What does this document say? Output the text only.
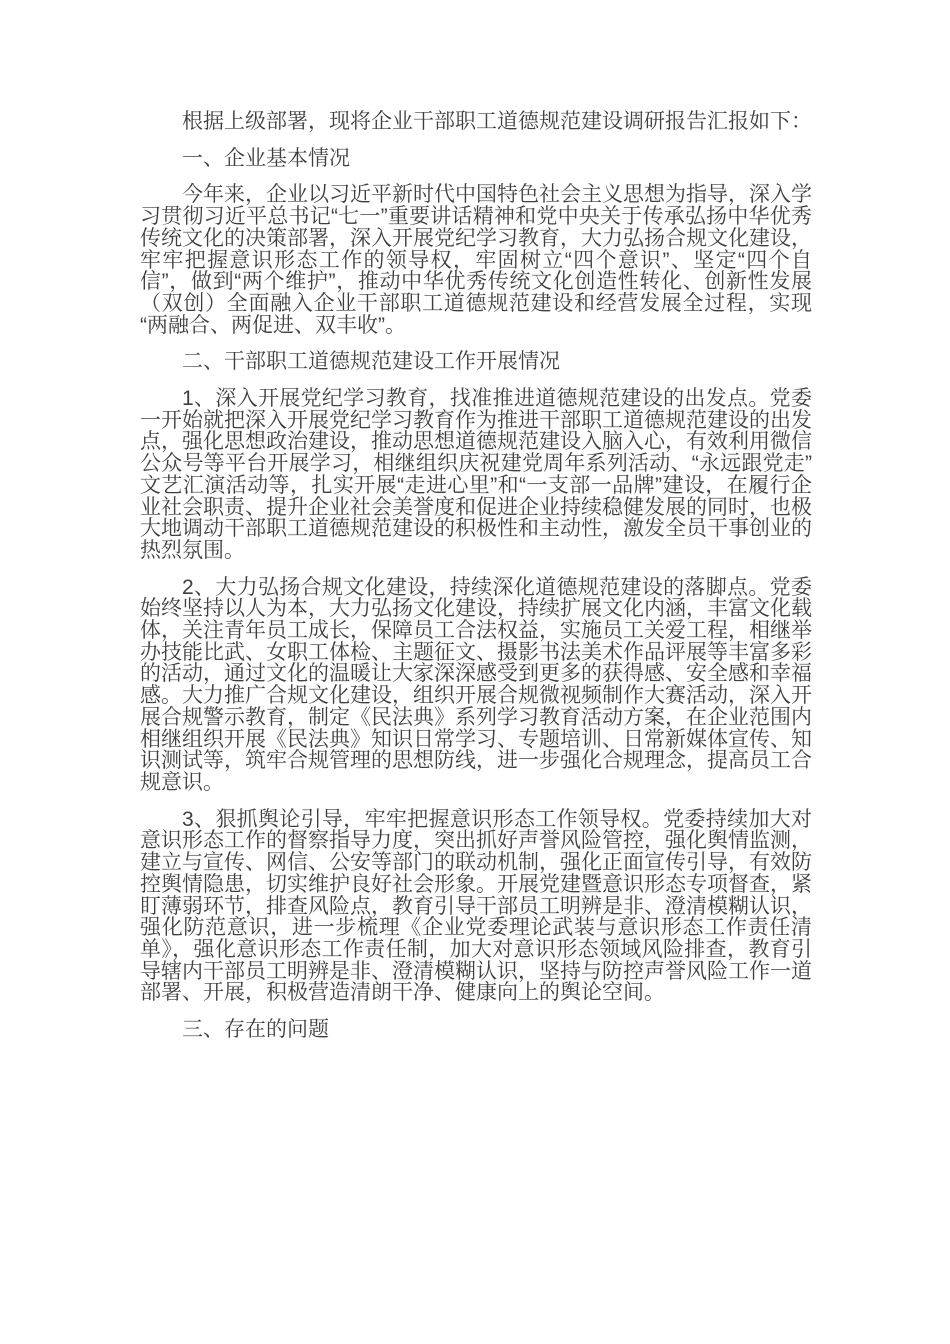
根据上级部署，现将企业干部职工道德规范建设调研报告汇报如下：

一、企业基本情况

今年来，企业以习近平新时代中国特色社会主义思想为指导，深入学习贯彻习近平总书记“七一”重要讲话精神和党中央关于传承弘扬中华优秀传统文化的决策部署，深入开展党纪学习教育，大力弘扬合规文化建设，牢牢把握意识形态工作的领导权，牢固树立“四个意识”、坚定“四个自信”，做到“两个维护”，推动中华优秀传统文化创造性转化、创新性发展（双创）全面融入企业干部职工道德规范建设和经营发展全过程，实现“两融合、两促进、双丰收”。

二、干部职工道德规范建设工作开展情况

1、深入开展党纪学习教育，找准推进道德规范建设的出发点。党委一开始就把深入开展党纪学习教育作为推进干部职工道德规范建设的出发点，强化思想政治建设，推动思想道德规范建设入脑入心，有效利用微信公众号等平台开展学习，相继组织庆祝建党周年系列活动、“永远跟党走”文艺汇演活动等，扎实开展“走进心里”和“一支部一品牌”建设，在履行企业社会职责、提升企业社会美誉度和促进企业持续稳健发展的同时，也极大地调动干部职工道德规范建设的积极性和主动性，激发全员干事创业的热烈氛围。

2、大力弘扬合规文化建设，持续深化道德规范建设的落脚点。党委始终坚持以人为本，大力弘扬文化建设，持续扩展文化内涵，丰富文化载体，关注青年员工成长，保障员工合法权益，实施员工关爱工程，相继举办技能比武、女职工体检、主题征文、摄影书法美术作品评展等丰富多彩的活动，通过文化的温暖让大家深深感受到更多的获得感、安全感和幸福感。大力推广合规文化建设，组织开展合规微视频制作大赛活动，深入开展合规警示教育，制定《民法典》系列学习教育活动方案，在企业范围内相继组织开展《民法典》知识日常学习、专题培训、日常新媒体宣传、知识测试等，筑牢合规管理的思想防线，进一步强化合规理念，提高员工合规意识。

3、狠抓舆论引导，牢牢把握意识形态工作领导权。党委持续加大对意识形态工作的督察指导力度，突出抓好声誉风险管控，强化舆情监测，建立与宣传、网信、公安等部门的联动机制，强化正面宣传引导，有效防控舆情隐患，切实维护良好社会形象。开展党建暨意识形态专项督查，紧盯薄弱环节，排查风险点，教育引导干部员工明辨是非、澄清模糊认识，强化防范意识，进一步梳理《企业党委理论武装与意识形态工作责任清单》，强化意识形态工作责任制，加大对意识形态领域风险排查，教育引导辖内干部员工明辨是非、澄清模糊认识，坚持与防控声誉风险工作一道部署、开展，积极营造清朗干净、健康向上的舆论空间。

三、存在的问题
